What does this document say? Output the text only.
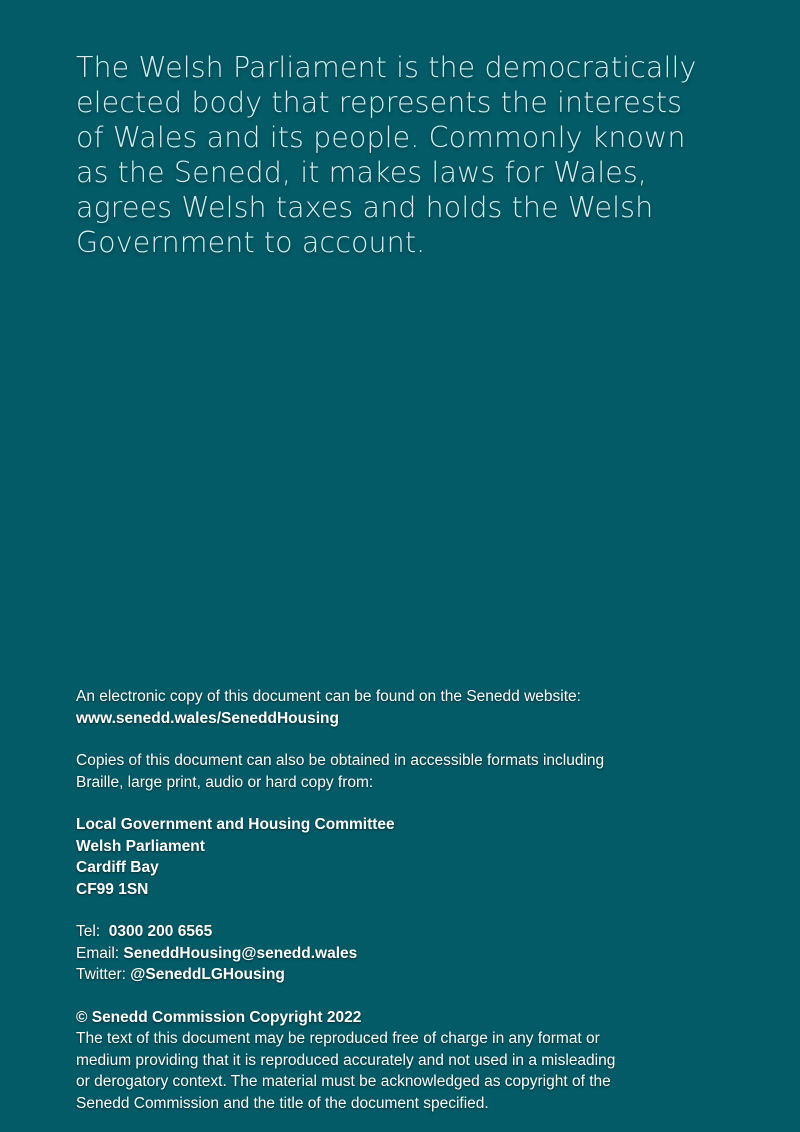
The Welsh Parliament is the democratically
elected body that represents the interests
of Wales and its people. Commonly known
as the Senedd, it makes laws for Wales,
agrees Welsh taxes and holds the Welsh
Government to account.

An electronic copy of this document can be found on the Senedd website:
www.senedd.wales/SeneddHousing

Copies of this document can also be obtained in accessible formats including
Braille, large print, audio or hard copy from:

Local Government and Housing Committee
Welsh Parliament
Cardiff Bay
CF99 1SN

Tel: 0300 200 6565
Email: SeneddHousing@senedd.wales
Twitter: @SeneddLGHousing

© Senedd Commission Copyright 2022
The text of this document may be reproduced free of charge in any format or
medium providing that it is reproduced accurately and not used in a misleading
or derogatory context. The material must be acknowledged as copyright of the
Senedd Commission and the title of the document specified.
